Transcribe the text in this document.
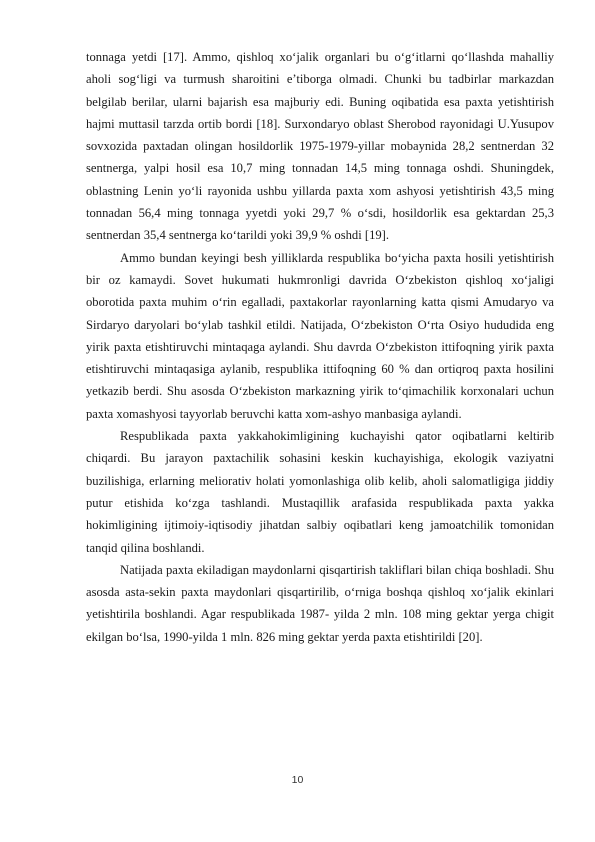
tonnaga yetdi [17]. Ammo, qishloq xo‘jalik organlari bu o‘g‘itlarni qo‘llashda mahalliy aholi sog‘ligi va turmush sharoitini e’tiborga olmadi. Chunki bu tadbirlar markazdan belgilab berilar, ularni bajarish esa majburiy edi. Buning oqibatida esa paxta yetishtirish hajmi muttasil tarzda ortib bordi [18]. Surxondaryo oblast Sherobod rayonidagi U.Yusupov sovxozida paxtadan olingan hosildorlik 1975-1979-yillar mobaynida 28,2 sentnerdan 32 sentnerga, yalpi hosil esa 10,7 ming tonnadan 14,5 ming tonnaga oshdi. Shuningdek, oblastning Lenin yo‘li rayonida ushbu yillarda paxta xom ashyosi yetishtirish 43,5 ming tonnadan 56,4 ming tonnaga yyetdi yoki 29,7 % o‘sdi, hosildorlik esa gektardan 25,3 sentnerdan 35,4 sentnerga ko‘tarildi yoki 39,9 % oshdi [19].

Ammo bundan keyingi besh yilliklarda respublika bo‘yicha paxta hosili yetishtirish bir oz kamaydi. Sovet hukumati hukmronligi davrida O‘zbekiston qishloq xo‘jaligi oborotida paxta muhim o‘rin egalladi, paxtakorlar rayonlarning katta qismi Amudaryo va Sirdaryo daryolari bo‘ylab tashkil etildi. Natijada, O‘zbekiston O‘rta Osiyo hududida eng yirik paxta etishtiruvchi mintaqaga aylandi. Shu davrda O‘zbekiston ittifoqning yirik paxta etishtiruvchi mintaqasiga aylanib, respublika ittifoqning 60 % dan ortiqroq paxta hosilini yetkazib berdi. Shu asosda O‘zbekiston markazning yirik to‘qimachilik korxonalari uchun paxta xomashyosi tayyorlab beruvchi katta xom-ashyo manbasiga aylandi.

Respublikada paxta yakkahokimligining kuchayishi qator oqibatlarni keltirib chiqardi. Bu jarayon paxtachilik sohasini keskin kuchayishiga, ekologik vaziyatni buzilishiga, erlarning meliorativ holati yomonlashiga olib kelib, aholi salomatligiga jiddiy putur etishida ko‘zga tashlandi. Mustaqillik arafasida respublikada paxta yakka hokimligining ijtimoiy-iqtisodiy jihatdan salbiy oqibatlari keng jamoatchilik tomonidan tanqid qilina boshlandi.

Natijada paxta ekiladigan maydonlarni qisqartirish takliflari bilan chiqa boshladi. Shu asosda asta-sekin paxta maydonlari qisqartirilib, o‘rniga boshqa qishloq xo‘jalik ekinlari yetishtirila boshlandi. Agar respublikada 1987- yilda 2 mln. 108 ming gektar yerga chigit ekilgan bo‘lsa, 1990-yilda 1 mln. 826 ming gektar yerda paxta etishtirildi [20].

10
